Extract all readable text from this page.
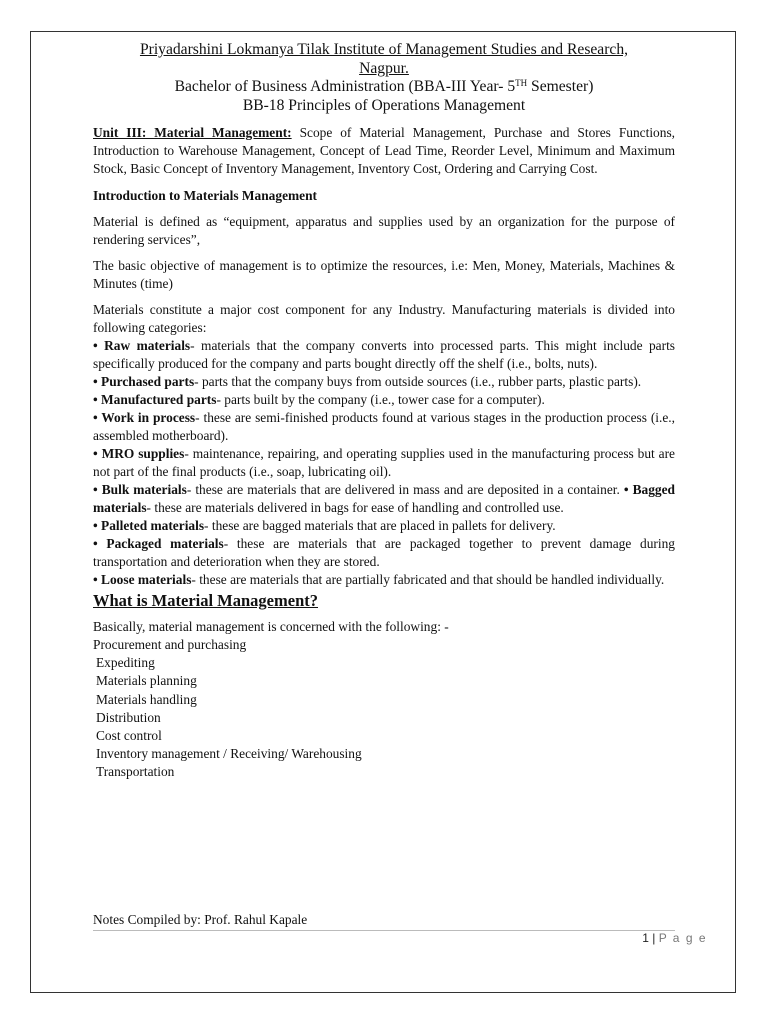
Priyadarshini Lokmanya Tilak Institute of Management Studies and Research,
Nagpur.
Bachelor of Business Administration (BBA-III Year- 5TH Semester)
BB-18 Principles of Operations Management

Unit III: Material Management: Scope of Material Management, Purchase and Stores Functions, Introduction to Warehouse Management, Concept of Lead Time, Reorder Level, Minimum and Maximum Stock, Basic Concept of Inventory Management, Inventory Cost, Ordering and Carrying Cost.

Introduction to Materials Management

Material is defined as “equipment, apparatus and supplies used by an organization for the purpose of rendering services”,

The basic objective of management is to optimize the resources, i.e: Men, Money, Materials, Machines & Minutes (time)

Materials constitute a major cost component for any Industry. Manufacturing materials is divided into following categories:

• Raw materials- materials that the company converts into processed parts. This might include parts specifically produced for the company and parts bought directly off the shelf (i.e., bolts, nuts).
• Purchased parts- parts that the company buys from outside sources (i.e., rubber parts, plastic parts).
• Manufactured parts- parts built by the company (i.e., tower case for a computer).
• Work in process- these are semi-finished products found at various stages in the production process (i.e., assembled motherboard).
• MRO supplies- maintenance, repairing, and operating supplies used in the manufacturing process but are not part of the final products (i.e., soap, lubricating oil).
• Bulk materials- these are materials that are delivered in mass and are deposited in a container. • Bagged materials- these are materials delivered in bags for ease of handling and controlled use.
• Palleted materials- these are bagged materials that are placed in pallets for delivery.
• Packaged materials- these are materials that are packaged together to prevent damage during transportation and deterioration when they are stored.
• Loose materials- these are materials that are partially fabricated and that should be handled individually.
What is Material Management?

Basically, material management is concerned with the following: -

Procurement and purchasing
Expediting
Materials planning
Materials handling
Distribution
Cost control
Inventory management / Receiving/ Warehousing
Transportation
Notes Compiled by: Prof. Rahul Kapale
1 | P a g e
